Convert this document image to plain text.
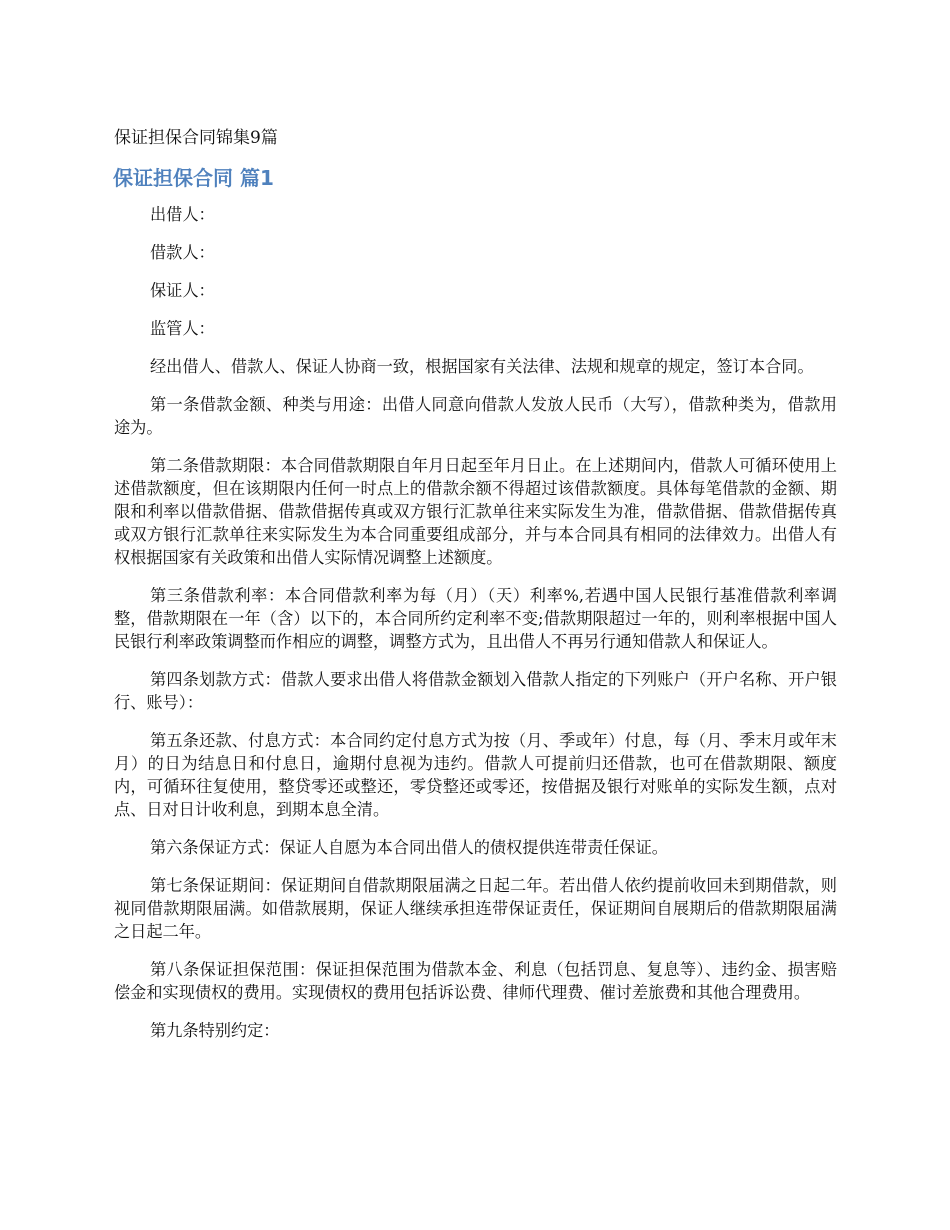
保证担保合同锦集9篇
保证担保合同 篇1

出借人：

借款人：

保证人：

监管人：

经出借人、借款人、保证人协商一致，根据国家有关法律、法规和规章的规定，签订本合同。

第一条借款金额、种类与用途：出借人同意向借款人发放人民币（大写），借款种类为，借款用途为。

第二条借款期限：本合同借款期限自年月日起至年月日止。在上述期间内，借款人可循环使用上述借款额度，但在该期限内任何一时点上的借款余额不得超过该借款额度。具体每笔借款的金额、期限和利率以借款借据、借款借据传真或双方银行汇款单往来实际发生为准，借款借据、借款借据传真或双方银行汇款单往来实际发生为本合同重要组成部分，并与本合同具有相同的法律效力。出借人有权根据国家有关政策和出借人实际情况调整上述额度。

第三条借款利率：本合同借款利率为每（月）（天）利率%,若遇中国人民银行基准借款利率调整，借款期限在一年（含）以下的，本合同所约定利率不变;借款期限超过一年的，则利率根据中国人民银行利率政策调整而作相应的调整，调整方式为，且出借人不再另行通知借款人和保证人。

第四条划款方式：借款人要求出借人将借款金额划入借款人指定的下列账户（开户名称、开户银行、账号）：

第五条还款、付息方式：本合同约定付息方式为按（月、季或年）付息，每（月、季末月或年末月）的日为结息日和付息日，逾期付息视为违约。借款人可提前归还借款，也可在借款期限、额度内，可循环往复使用，整贷零还或整还，零贷整还或零还，按借据及银行对账单的实际发生额，点对点、日对日计收利息，到期本息全清。

第六条保证方式：保证人自愿为本合同出借人的债权提供连带责任保证。

第七条保证期间：保证期间自借款期限届满之日起二年。若出借人依约提前收回未到期借款，则视同借款期限届满。如借款展期，保证人继续承担连带保证责任，保证期间自展期后的借款期限届满之日起二年。

第八条保证担保范围：保证担保范围为借款本金、利息（包括罚息、复息等）、违约金、损害赔偿金和实现债权的费用。实现债权的费用包括诉讼费、律师代理费、催讨差旅费和其他合理费用。

第九条特别约定：
